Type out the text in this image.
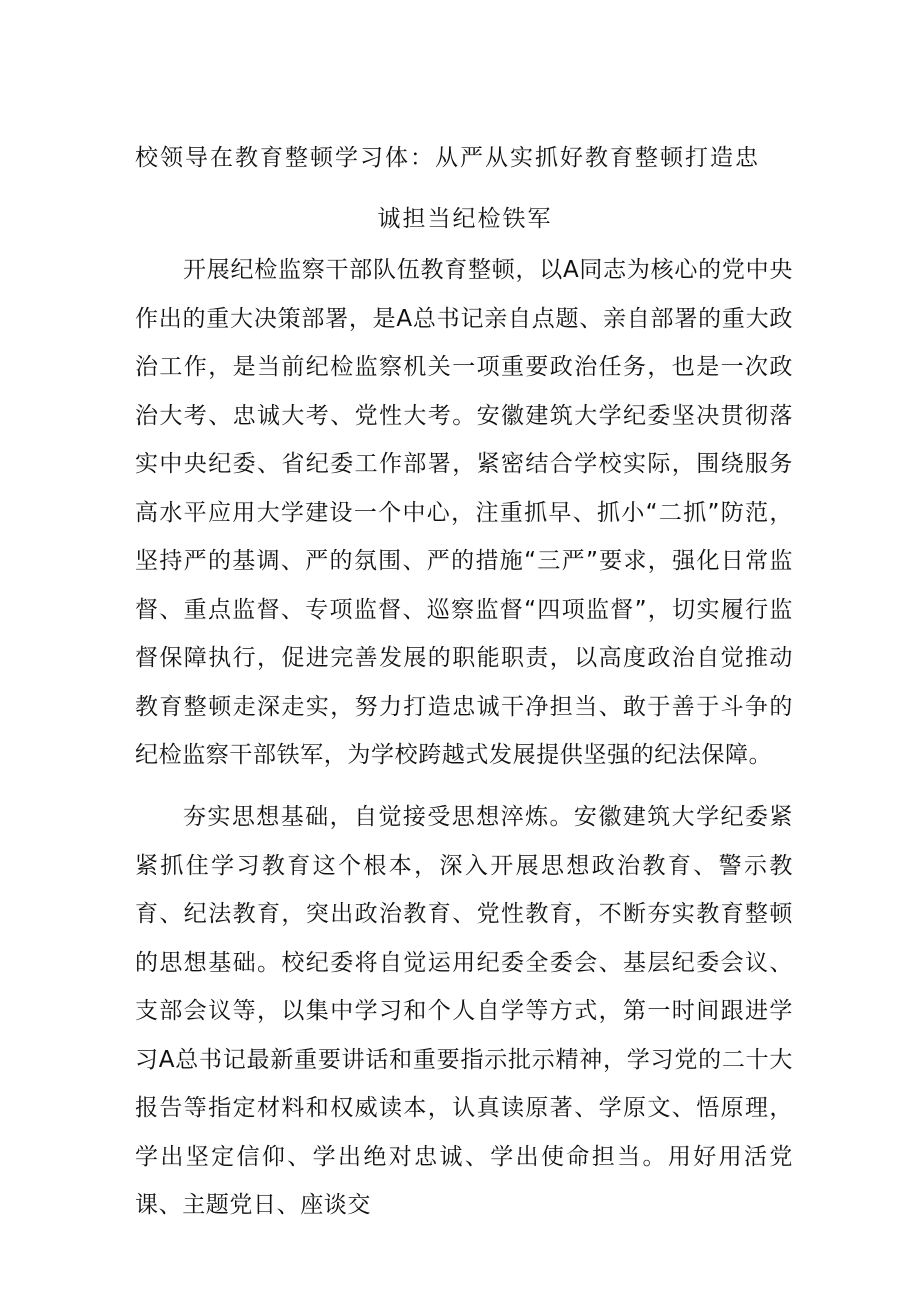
校领导在教育整顿学习体：从严从实抓好教育整顿打造忠
诚担当纪检铁军

开展纪检监察干部队伍教育整顿，以A同志为核心的党中央作出的重大决策部署，是A总书记亲自点题、亲自部署的重大政治工作，是当前纪检监察机关一项重要政治任务，也是一次政治大考、忠诚大考、党性大考。安徽建筑大学纪委坚决贯彻落实中央纪委、省纪委工作部署，紧密结合学校实际，围绕服务高水平应用大学建设一个中心，注重抓早、抓小“二抓”防范，坚持严的基调、严的氛围、严的措施“三严”要求，强化日常监督、重点监督、专项监督、巡察监督“四项监督”，切实履行监督保障执行，促进完善发展的职能职责，以高度政治自觉推动教育整顿走深走实，努力打造忠诚干净担当、敢于善于斗争的纪检监察干部铁军，为学校跨越式发展提供坚强的纪法保障。

夯实思想基础，自觉接受思想淬炼。安徽建筑大学纪委紧紧抓住学习教育这个根本，深入开展思想政治教育、警示教育、纪法教育，突出政治教育、党性教育，不断夯实教育整顿的思想基础。校纪委将自觉运用纪委全委会、基层纪委会议、支部会议等，以集中学习和个人自学等方式，第一时间跟进学习A总书记最新重要讲话和重要指示批示精神，学习党的二十大报告等指定材料和权威读本，认真读原著、学原文、悟原理，学出坚定信仰、学出绝对忠诚、学出使命担当。用好用活党课、主题党日、座谈交
